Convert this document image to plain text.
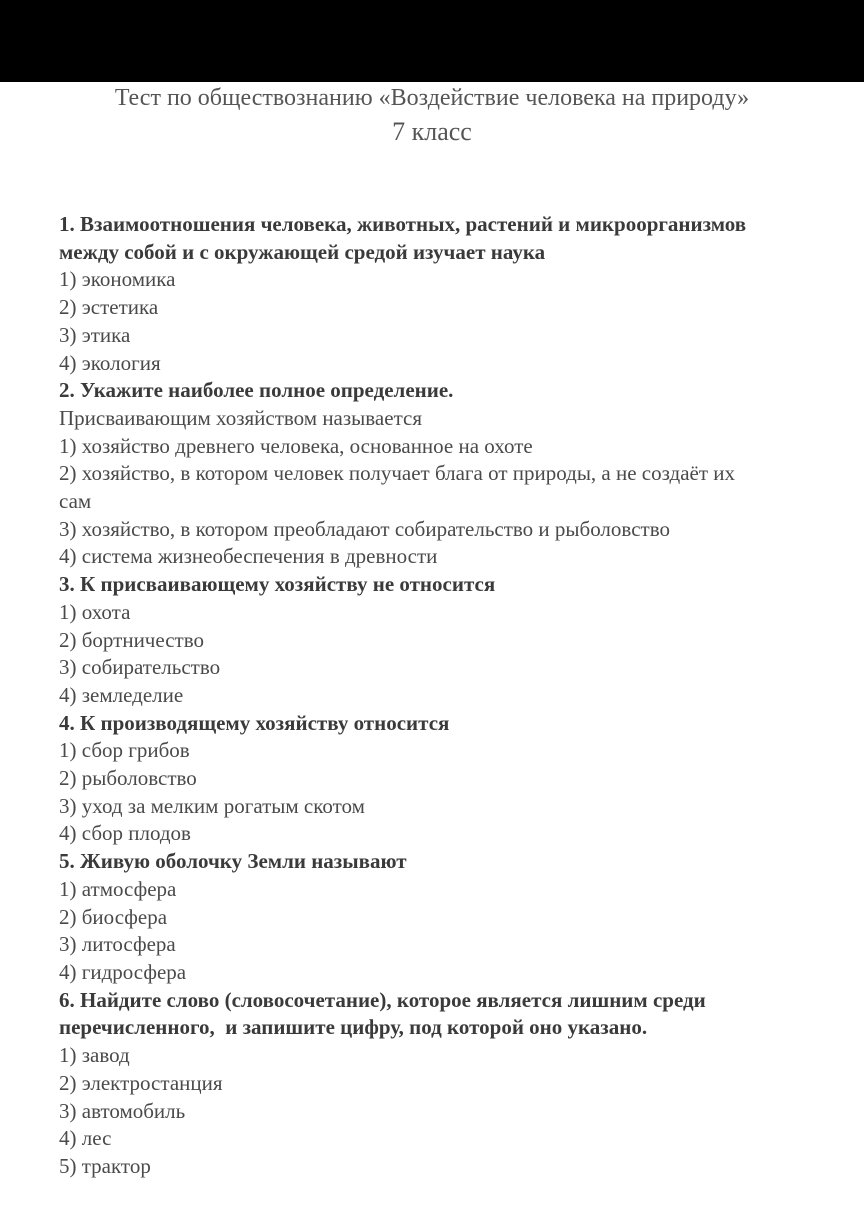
Тест по обществознанию «Воздействие человека на природу»
7 класс
1. Взаимоотношения человека, животных, растений и микроорганизмов
между собой и с окружающей средой изучает наука
1) экономика
2) эстетика
3) этика
4) экология
2. Укажите наиболее полное определение.
Присваивающим хозяйством называется
1) хозяйство древнего человека, основанное на охоте
2) хозяйство, в котором человек получает блага от природы, а не создаёт их
сам
3) хозяйство, в котором преобладают собирательство и рыболовство
4) система жизнеобеспечения в древности
3. К присваивающему хозяйству не относится
1) охота
2) бортничество
3) собирательство
4) земледелие
4. К производящему хозяйству относится
1) сбор грибов
2) рыболовство
3) уход за мелким рогатым скотом
4) сбор плодов
5. Живую оболочку Земли называют
1) атмосфера
2) биосфера
3) литосфера
4) гидросфера
6. Найдите слово (словосочетание), которое является лишним среди
перечисленного,  и запишите цифру, под которой оно указано.
1) завод
2) электростанция
3) автомобиль
4) лес
5) трактор
